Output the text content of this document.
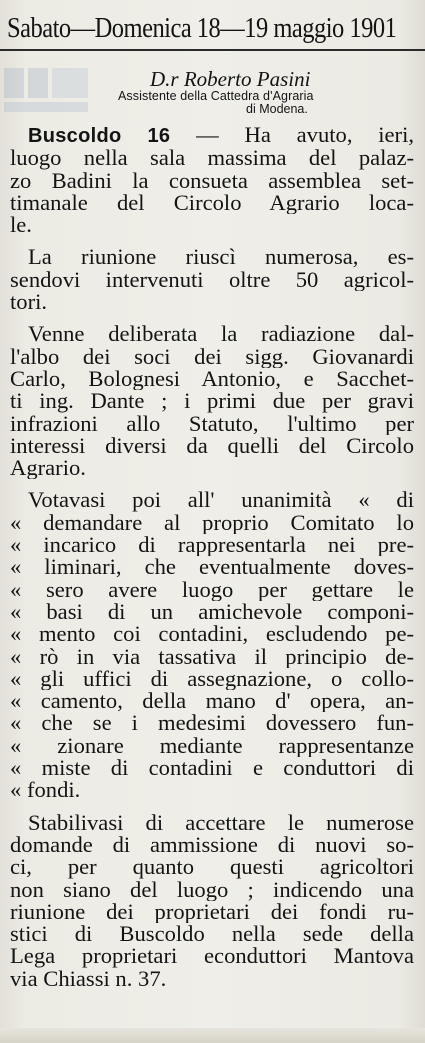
Sabato—Domenica 18—19 maggio 1901
D.r Roberto Pasini
Assistente della Cattedra d'Agraria
di Modena.
Buscoldo 16 — Ha avuto, ieri,
luogo nella sala massima del palaz-
zo Badini la consueta assemblea set-
timanale del Circolo Agrario loca-
le.
La riunione riuscì numerosa, es-
sendovi intervenuti oltre 50 agricol-
tori.
Venne deliberata la radiazione dal-
l'albo dei soci dei sigg. Giovanardi
Carlo, Bolognesi Antonio, e Sacchet-
ti ing. Dante ; i primi due per gravi
infrazioni allo Statuto, l'ultimo per
interessi diversi da quelli del Circolo
Agrario.
Votavasi poi all' unanimità « di
« demandare al proprio Comitato lo
« incarico di rappresentarla nei pre-
« liminari, che eventualmente doves-
« sero avere luogo per gettare le
« basi di un amichevole componi-
« mento coi contadini, escludendo pe-
« rò in via tassativa il principio de-
« gli uffici di assegnazione, o collo-
« camento, della mano d' opera, an-
« che se i medesimi dovessero fun-
« zionare mediante rappresentanze
« miste di contadini e conduttori di
« fondi.
Stabilivasi di accettare le numerose
domande di ammissione di nuovi so-
ci, per quanto questi agricoltori
non siano del luogo ; indicendo una
riunione dei proprietari dei fondi ru-
stici di Buscoldo nella sede della
Lega proprietari econduttori Mantova
via Chiassi n. 37.
